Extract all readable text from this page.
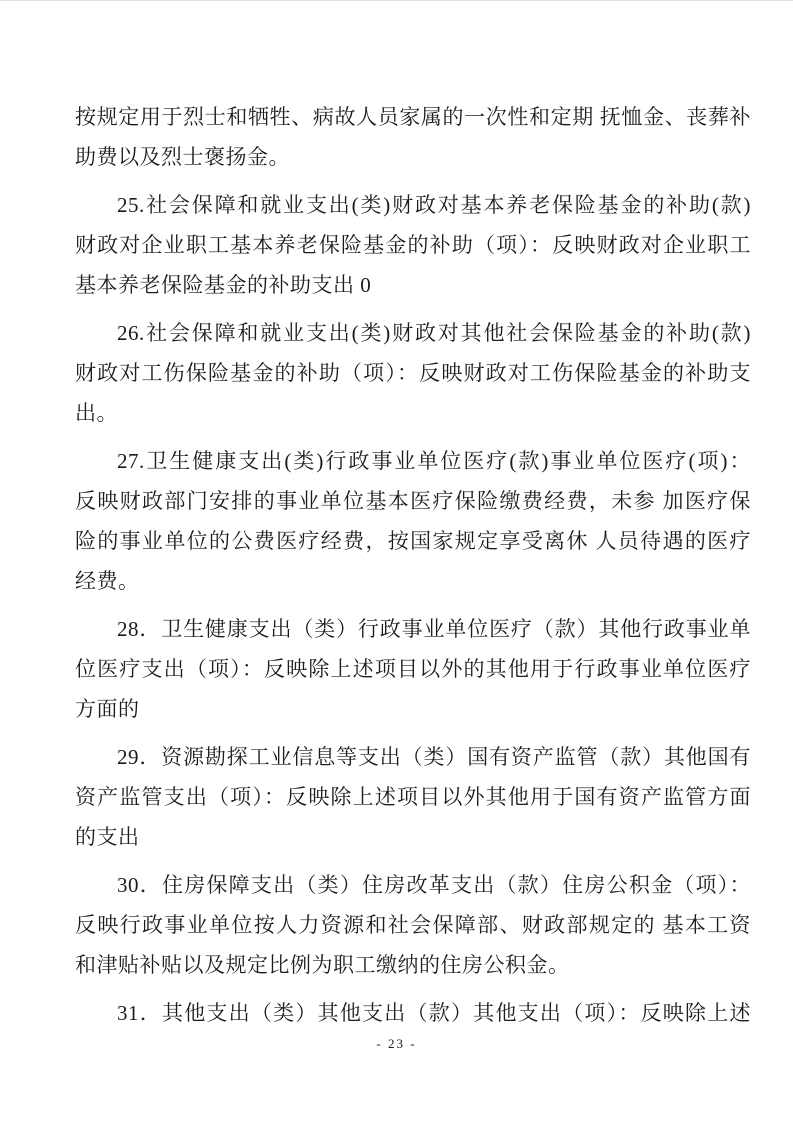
按规定用于烈士和牺牲、病故人员家属的一次性和定期 抚恤金、丧葬补
助费以及烈士褒扬金。
25.社会保障和就业支出(类)财政对基本养老保险基金的补助(款)
财政对企业职工基本养老保险基金的补助（项）：反映财政对企业职工
基本养老保险基金的补助支出 0
26.社会保障和就业支出(类)财政对其他社会保险基金的补助(款)
财政对工伤保险基金的补助（项）：反映财政对工伤保险基金的补助支
出。
27.卫生健康支出(类)行政事业单位医疗(款)事业单位医疗(项)：
反映财政部门安排的事业单位基本医疗保险缴费经费，未参 加医疗保
险的事业单位的公费医疗经费，按国家规定享受离休 人员待遇的医疗
经费。
28．卫生健康支出（类）行政事业单位医疗（款）其他行政事业单
位医疗支出（项）：反映除上述项目以外的其他用于行政事业单位医疗
方面的
29．资源勘探工业信息等支出（类）国有资产监管（款）其他国有
资产监管支出（项）：反映除上述项目以外其他用于国有资产监管方面
的支出
30．住房保障支出（类）住房改革支出（款）住房公积金（项）：
反映行政事业单位按人力资源和社会保障部、财政部规定的 基本工资
和津贴补贴以及规定比例为职工缴纳的住房公积金。
31．其他支出（类）其他支出（款）其他支出（项）：反映除上述
- 23 -
